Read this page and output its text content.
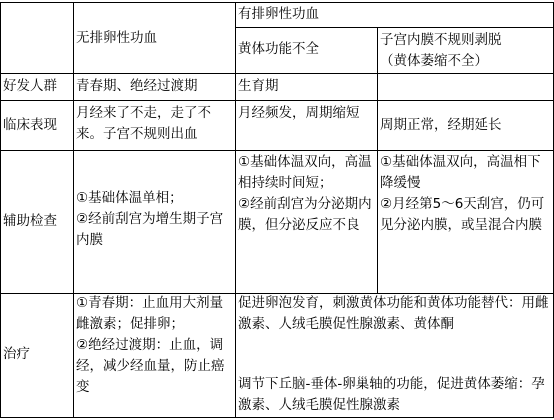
无排卵性功血
有排卵性功血
黄体功能不全
子宫内膜不规则剥脱
（黄体萎缩不全）
好发人群	青春期、绝经过渡期	生育期
临床表现
月经来了不走，走了不来。子宫不规则出血
月经频发，周期缩短
周期正常，经期延长
辅助检查
①基础体温单相；
②经前刮宫为增生期子宫内膜
①基础体温双向，高温相持续时间短；
②经前刮宫为分泌期内膜，但分泌反应不良
①基础体温双向，高温相下降缓慢
②月经第5～6天刮宫，仍可见分泌内膜，或呈混合内膜
治疗
①青春期：止血用大剂量雌激素；促排卵；
②绝经过渡期：止血，调经，减少经血量，防止癌变
促进卵泡发育，刺激黄体功能和黄体功能替代：用雌激素、人绒毛膜促性腺激素、黄体酮
调节下丘脑-垂体-卵巢轴的功能，促进黄体萎缩：孕激素、人绒毛膜促性腺激素
